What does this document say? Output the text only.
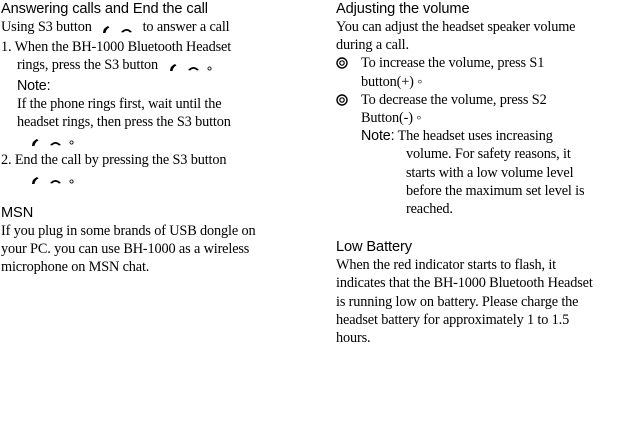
Answering calls and End the call
Using S3 button	to answer a call
1. When the BH-1000 Bluetooth Headset
rings, press the S3 button
Note:
If the phone rings first, wait until the
headset rings, then press the S3 button
2. End the call by pressing the S3 button
MSN
If you plug in some brands of USB dongle on
your PC. you can use BH-1000 as a wireless
microphone on MSN chat.
Adjusting the volume
You can adjust the headset speaker volume
during a call.
To increase the volume, press S1
button(+) ◦
To decrease the volume, press S2
Button(-) ◦
Note: The headset uses increasing
volume. For safety reasons, it
starts with a low volume level
before the maximum set level is
reached.
Low Battery
When the red indicator starts to flash, it
indicates that the BH-1000 Bluetooth Headset
is running low on battery. Please charge the
headset battery for approximately 1 to 1.5
hours.
